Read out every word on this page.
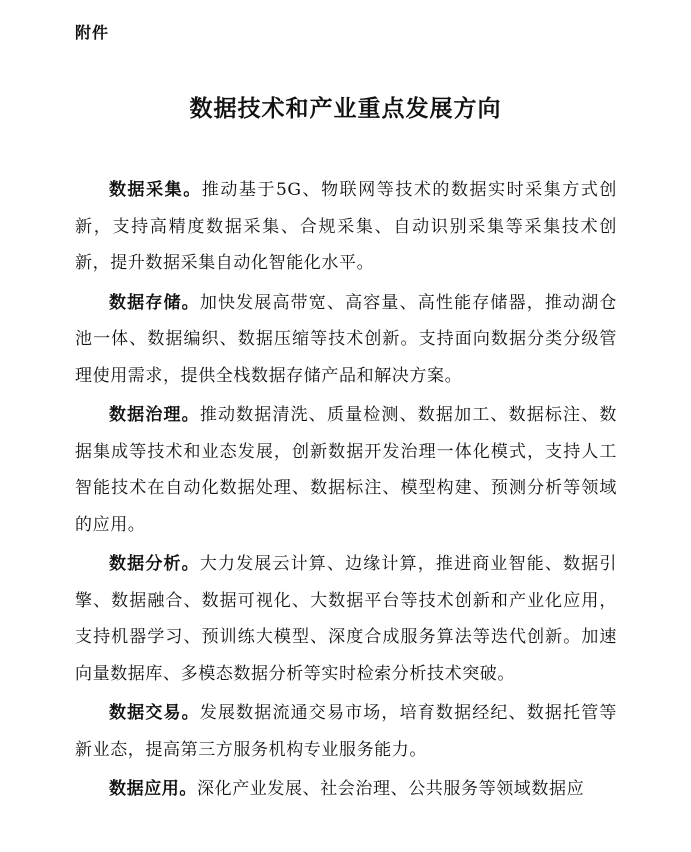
附件
数据技术和产业重点发展方向

数据采集。推动基于5G、物联网等技术的数据实时采集方式创新，支持高精度数据采集、合规采集、自动识别采集等采集技术创新，提升数据采集自动化智能化水平。

数据存储。加快发展高带宽、高容量、高性能存储器，推动湖仓池一体、数据编织、数据压缩等技术创新。支持面向数据分类分级管理使用需求，提供全栈数据存储产品和解决方案。

数据治理。推动数据清洗、质量检测、数据加工、数据标注、数据集成等技术和业态发展，创新数据开发治理一体化模式，支持人工智能技术在自动化数据处理、数据标注、模型构建、预测分析等领域的应用。

数据分析。大力发展云计算、边缘计算，推进商业智能、数据引擎、数据融合、数据可视化、大数据平台等技术创新和产业化应用，支持机器学习、预训练大模型、深度合成服务算法等迭代创新。加速向量数据库、多模态数据分析等实时检索分析技术突破。

数据交易。发展数据流通交易市场，培育数据经纪、数据托管等新业态，提高第三方服务机构专业服务能力。

数据应用。深化产业发展、社会治理、公共服务等领域数据应
